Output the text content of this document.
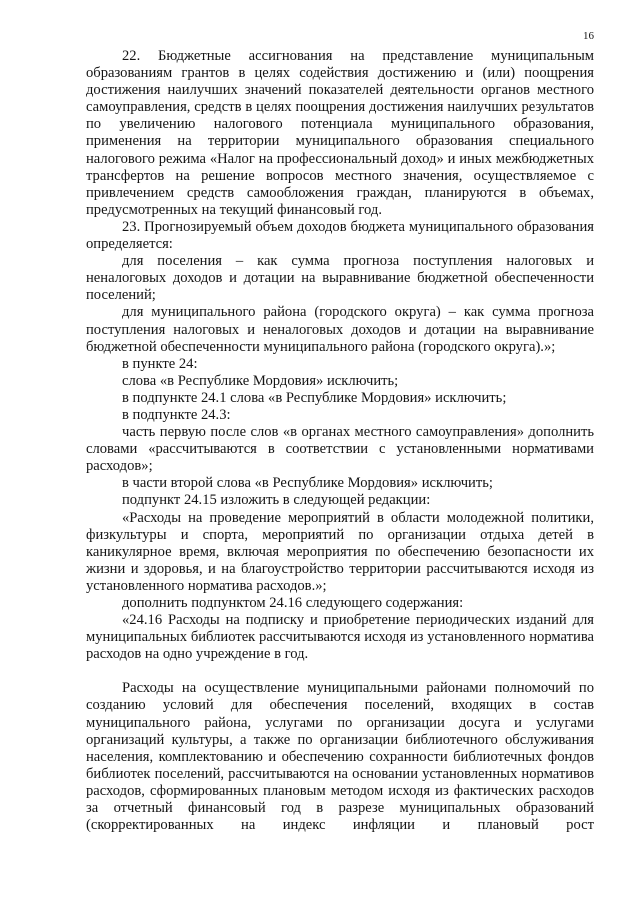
16

22. Бюджетные ассигнования на представление муниципальным образованиям грантов в целях содействия достижению и (или) поощрения достижения наилучших значений показателей деятельности органов местного самоуправления, средств в целях поощрения достижения наилучших результатов по увеличению налогового потенциала муниципального образования, применения на территории муниципального образования специального налогового режима «Налог на профессиональный доход» и иных межбюджетных трансфертов на решение вопросов местного значения, осуществляемое с привлечением средств самообложения граждан, планируются в объемах, предусмотренных на текущий финансовый год.

23. Прогнозируемый объем доходов бюджета муниципального образования определяется:

для поселения – как сумма прогноза поступления налоговых и неналоговых доходов и дотации на выравнивание бюджетной обеспеченности поселений;

для муниципального района (городского округа) – как сумма прогноза поступления налоговых и неналоговых доходов и дотации на выравнивание бюджетной обеспеченности муниципального района (городского округа).»;

в пункте 24:

слова «в Республике Мордовия» исключить;

в подпункте 24.1 слова «в Республике Мордовия» исключить;

в подпункте 24.3:

часть первую после слов «в органах местного самоуправления» дополнить словами «рассчитываются в соответствии с установленными нормативами расходов»;

в части второй слова «в Республике Мордовия» исключить;

подпункт 24.15 изложить в следующей редакции:

«Расходы на проведение мероприятий в области молодежной политики, физкультуры и спорта, мероприятий по организации отдыха детей в каникулярное время, включая мероприятия по обеспечению безопасности их жизни и здоровья, и на благоустройство территории рассчитываются исходя из установленного норматива расходов.»;

дополнить подпунктом 24.16 следующего содержания:

«24.16 Расходы на подписку и приобретение периодических изданий для муниципальных библиотек рассчитываются исходя из установленного норматива расходов на одно учреждение в год.

Расходы на осуществление муниципальными районами полномочий по созданию условий для обеспечения поселений, входящих в состав муниципального района, услугами по организации досуга и услугами организаций культуры, а также по организации библиотечного обслуживания населения, комплектованию и обеспечению сохранности библиотечных фондов библиотек поселений, рассчитываются на основании установленных нормативов расходов, сформированных плановым методом исходя из фактических расходов за отчетный финансовый год в разрезе муниципальных образований (скорректированных на индекс инфляции и плановый рост
